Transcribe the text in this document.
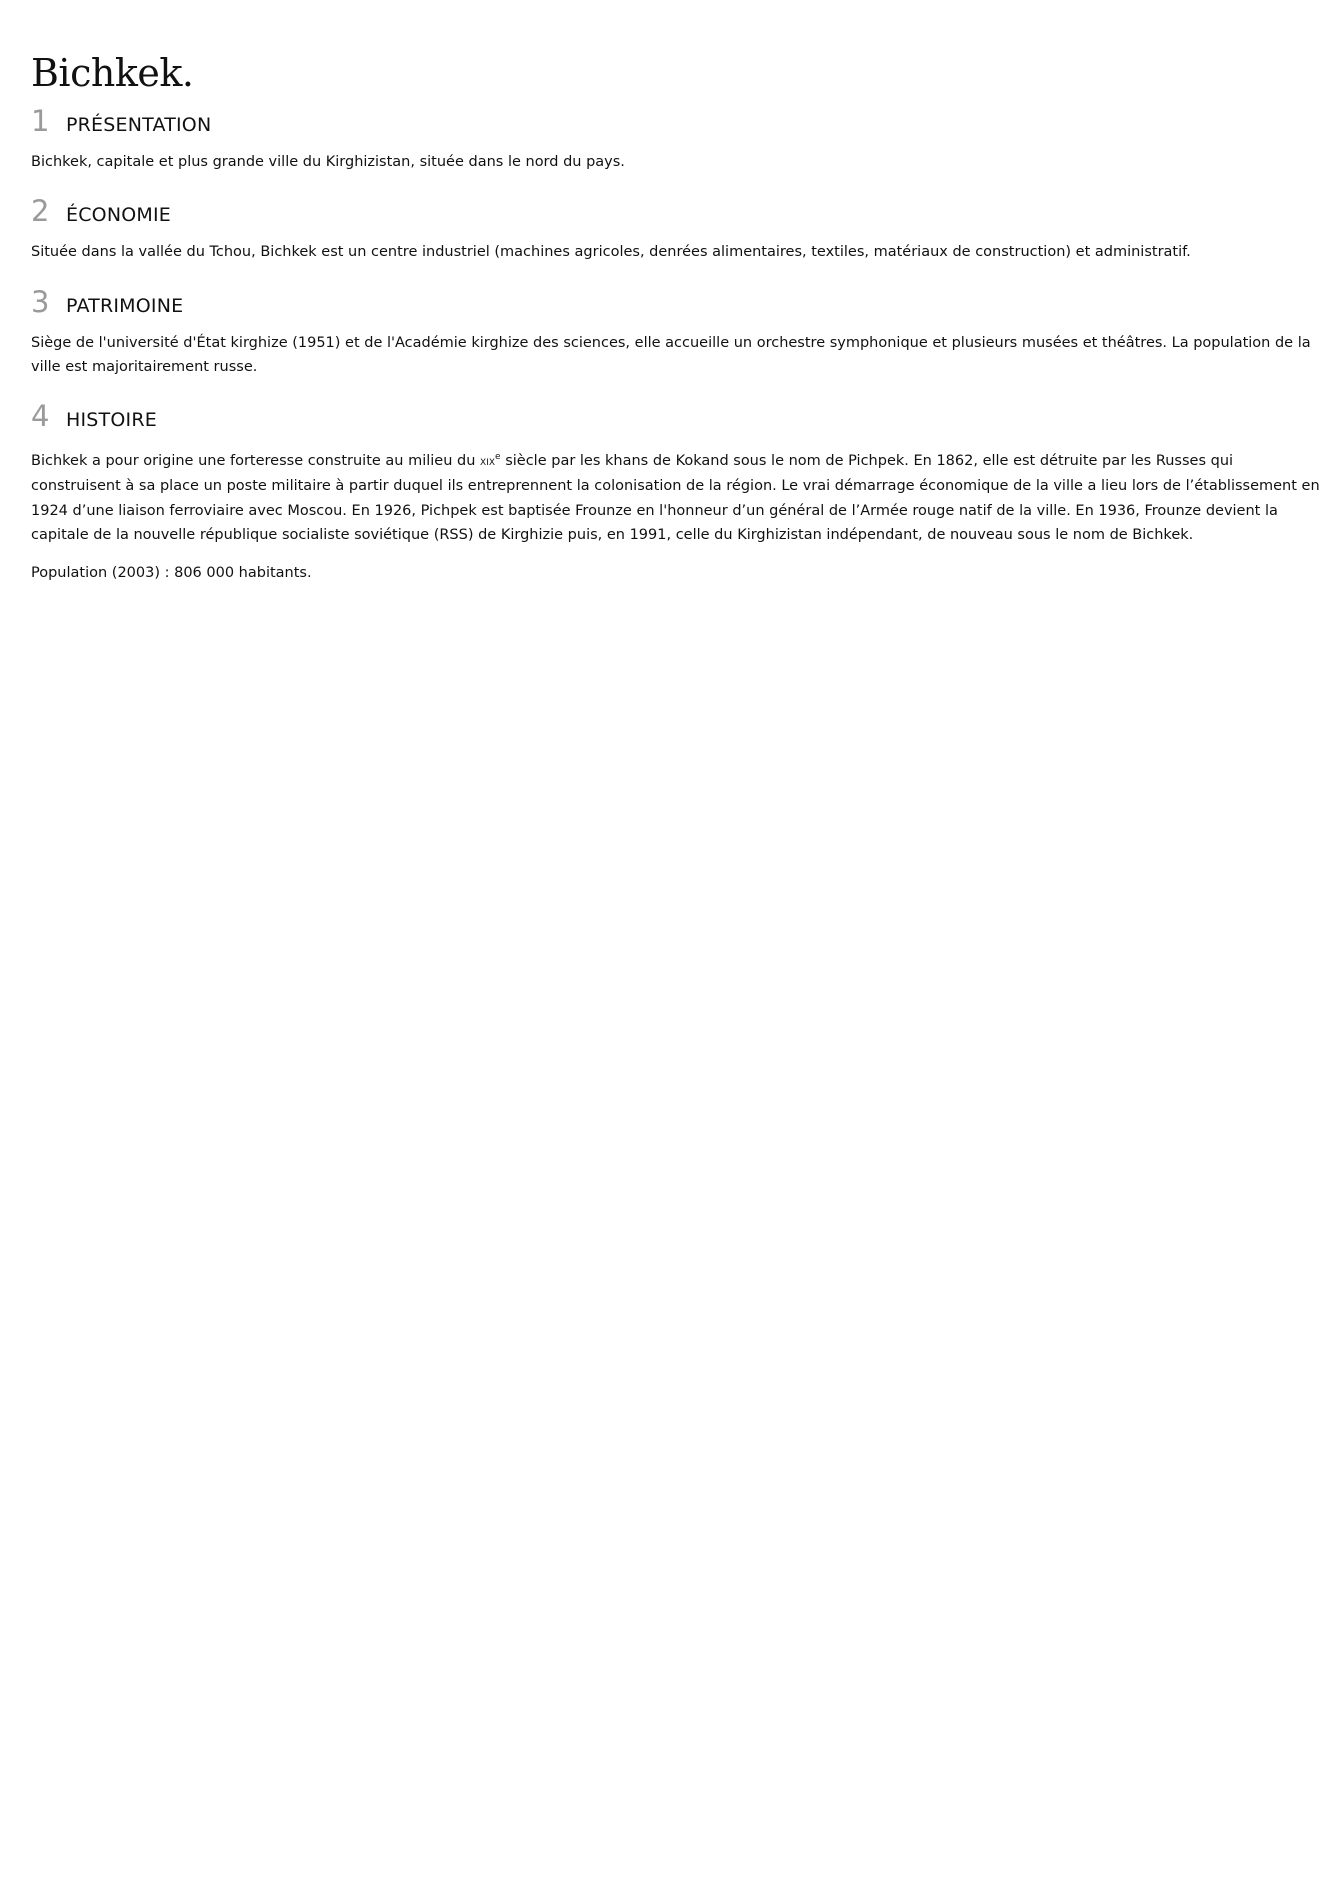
Bichkek.
1 PRÉSENTATION

Bichkek, capitale et plus grande ville du Kirghizistan, située dans le nord du pays.

2 ÉCONOMIE

Située dans la vallée du Tchou, Bichkek est un centre industriel (machines agricoles, denrées alimentaires, textiles, matériaux de construction) et administratif.

3 PATRIMOINE

Siège de l'université d'État kirghize (1951) et de l'Académie kirghize des sciences, elle accueille un orchestre symphonique et plusieurs musées et théâtres. La population de la ville est majoritairement russe.

4 HISTOIRE

Bichkek a pour origine une forteresse construite au milieu du xix$^e$ siècle par les khans de Kokand sous le nom de Pichpek. En 1862, elle est détruite par les Russes qui construisent à sa place un poste militaire à partir duquel ils entreprennent la colonisation de la région. Le vrai démarrage économique de la ville a lieu lors de l’établissement en 1924 d’une liaison ferroviaire avec Moscou. En 1926, Pichpek est baptisée Frounze en l'honneur d’un général de l’Armée rouge natif de la ville. En 1936, Frounze devient la capitale de la nouvelle république socialiste soviétique (RSS) de Kirghizie puis, en 1991, celle du Kirghizistan indépendant, de nouveau sous le nom de Bichkek.

Population (2003) : 806 000 habitants.
